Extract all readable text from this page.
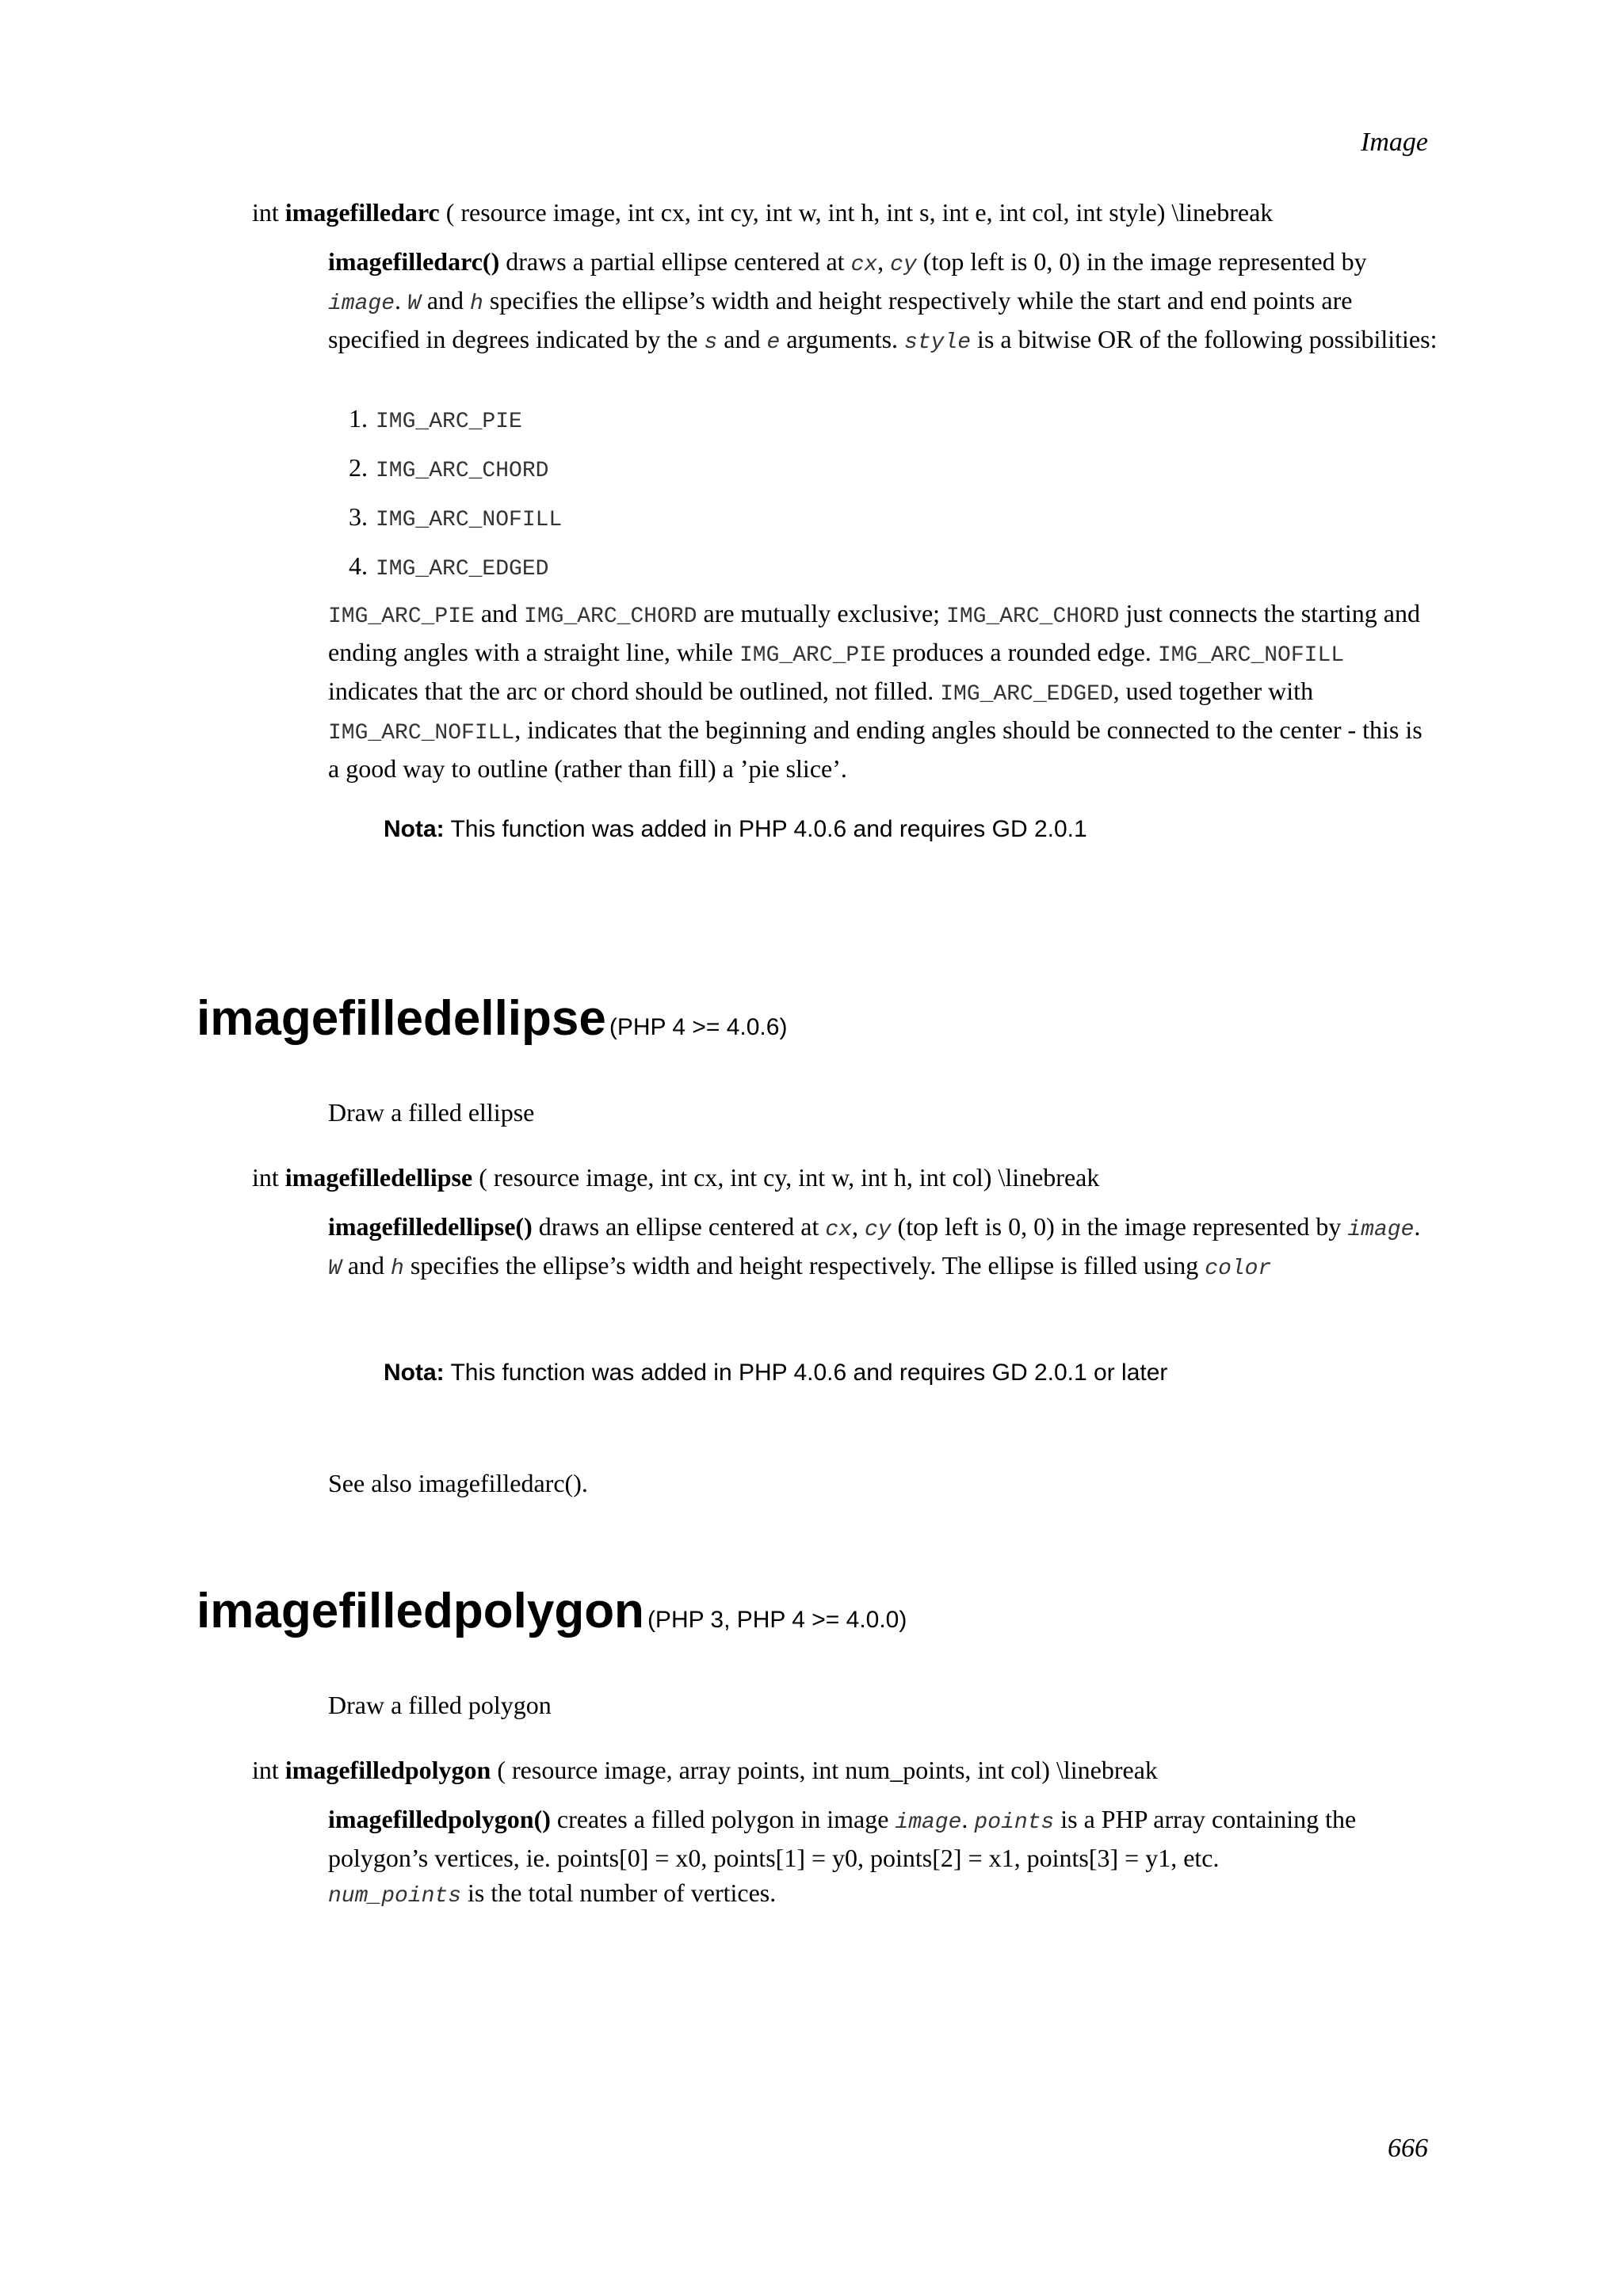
Image
int imagefilledarc ( resource image, int cx, int cy, int w, int h, int s, int e, int col, int style) \linebreak

imagefilledarc() draws a partial ellipse centered at cx, cy (top left is 0, 0) in the image represented by image. W and h specifies the ellipse’s width and height respectively while the start and end points are specified in degrees indicated by the s and e arguments. style is a bitwise OR of the following possibilities:

1. IMG_ARC_PIE
2. IMG_ARC_CHORD
3. IMG_ARC_NOFILL
4. IMG_ARC_EDGED

IMG_ARC_PIE and IMG_ARC_CHORD are mutually exclusive; IMG_ARC_CHORD just connects the starting and ending angles with a straight line, while IMG_ARC_PIE produces a rounded edge. IMG_ARC_NOFILL indicates that the arc or chord should be outlined, not filled. IMG_ARC_EDGED, used together with IMG_ARC_NOFILL, indicates that the beginning and ending angles should be connected to the center - this is a good way to outline (rather than fill) a ’pie slice’.

Nota: This function was added in PHP 4.0.6 and requires GD 2.0.1
imagefilledellipse (PHP 4 >= 4.0.6)
Draw a filled ellipse
int imagefilledellipse ( resource image, int cx, int cy, int w, int h, int col) \linebreak

imagefilledellipse() draws an ellipse centered at cx, cy (top left is 0, 0) in the image represented by image. W and h specifies the ellipse’s width and height respectively. The ellipse is filled using color

Nota: This function was added in PHP 4.0.6 and requires GD 2.0.1 or later
See also imagefilledarc().
imagefilledpolygon (PHP 3, PHP 4 >= 4.0.0)
Draw a filled polygon
int imagefilledpolygon ( resource image, array points, int num_points, int col) \linebreak

imagefilledpolygon() creates a filled polygon in image image. points is a PHP array containing the polygon’s vertices, ie. points[0] = x0, points[1] = y0, points[2] = x1, points[3] = y1, etc.
num_points is the total number of vertices.

666
